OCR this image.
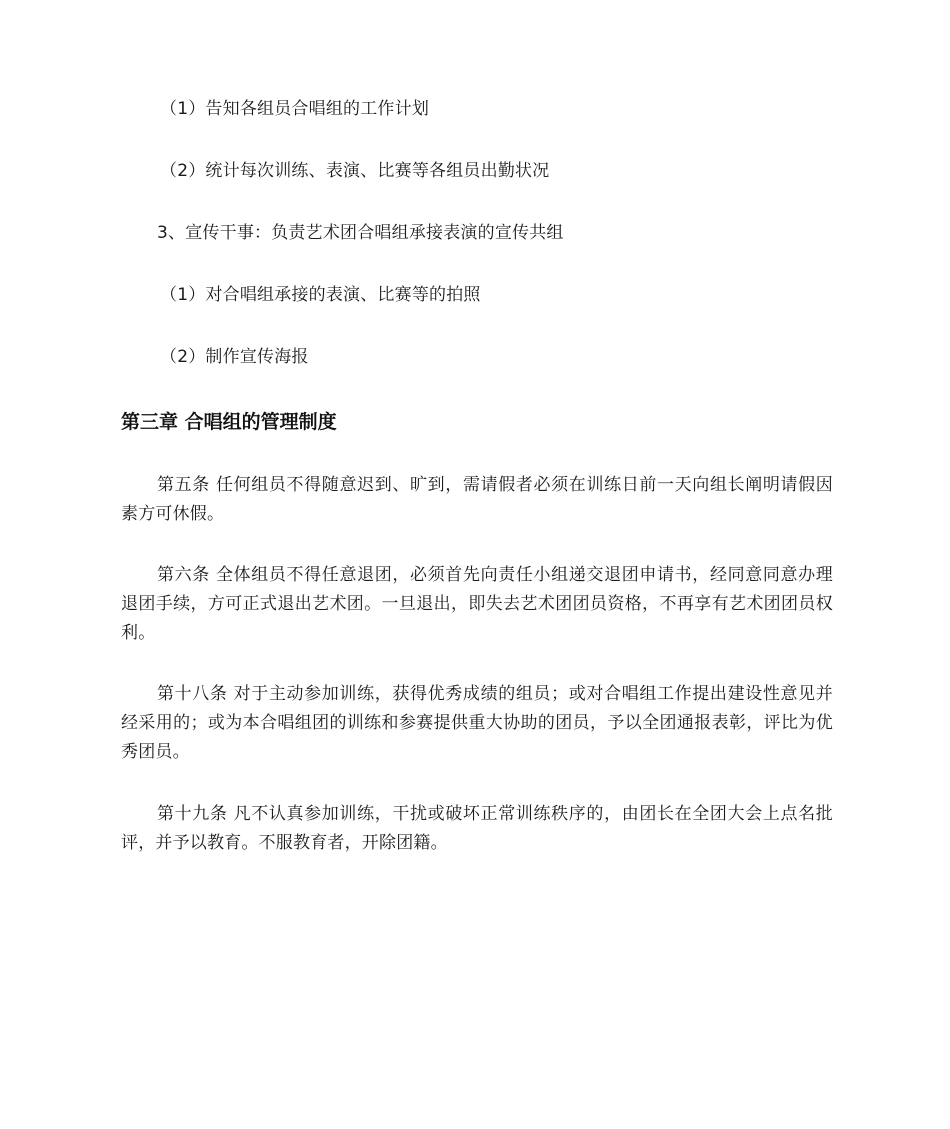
（1）告知各组员合唱组的工作计划
（2）统计每次训练、表演、比赛等各组员出勤状况
3、宣传干事：负责艺术团合唱组承接表演的宣传共组
（1）对合唱组承接的表演、比赛等的拍照
（2）制作宣传海报
第三章 合唱组的管理制度
第五条 任何组员不得随意迟到、旷到，需请假者必须在训练日前一天向组长阐明请假因素方可休假。
第六条 全体组员不得任意退团，必须首先向责任小组递交退团申请书，经同意同意办理退团手续，方可正式退出艺术团。一旦退出，即失去艺术团团员资格，不再享有艺术团团员权利。
第十八条 对于主动参加训练，获得优秀成绩的组员；或对合唱组工作提出建设性意见并经采用的；或为本合唱组团的训练和参赛提供重大协助的团员，予以全团通报表彰，评比为优秀团员。
第十九条 凡不认真参加训练，干扰或破坏正常训练秩序的，由团长在全团大会上点名批评，并予以教育。不服教育者，开除团籍。
